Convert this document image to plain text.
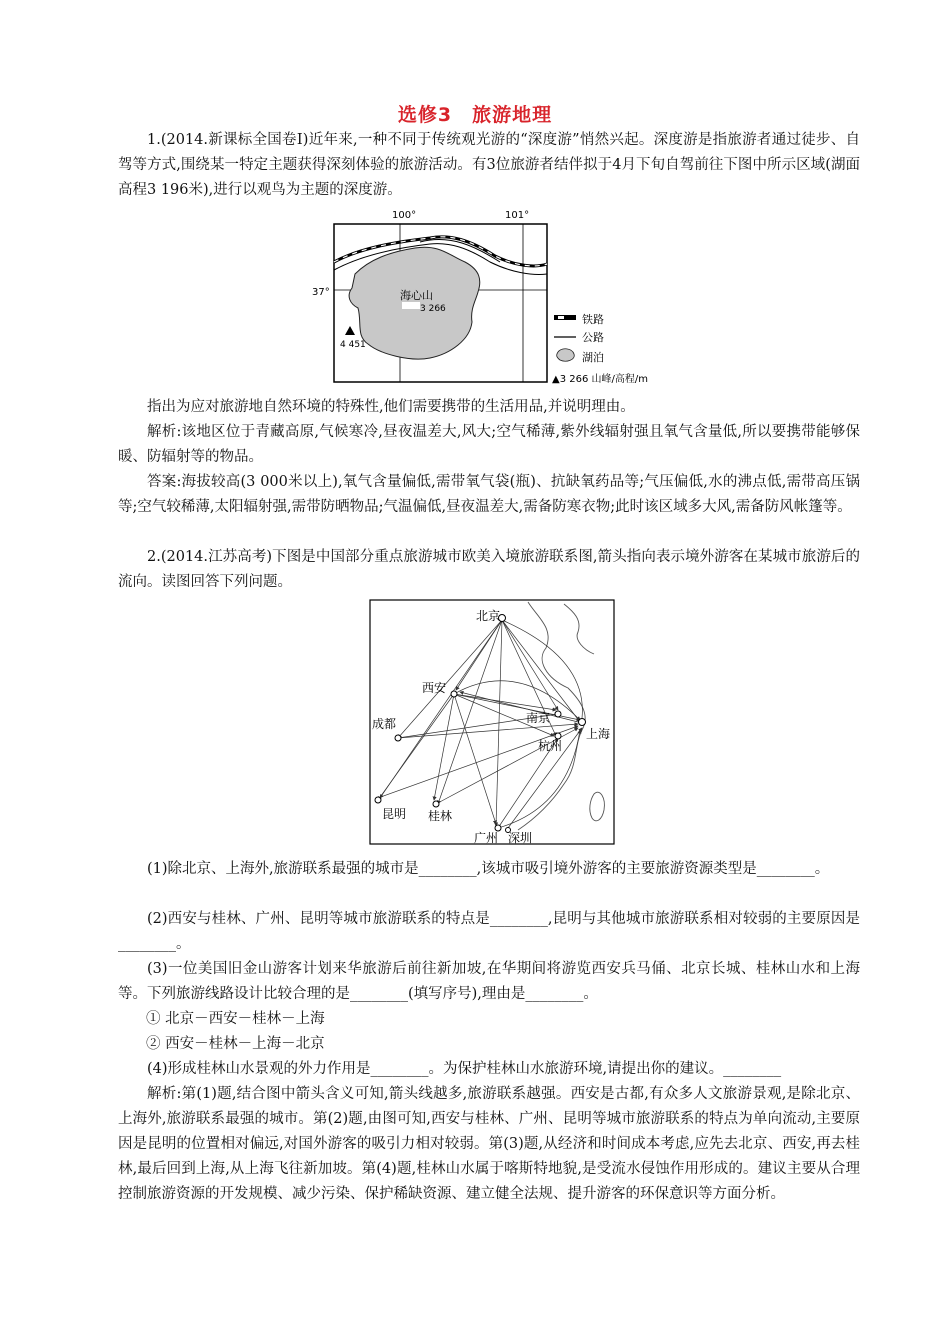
选修3　旅游地理

1.(2014.新课标全国卷Ⅰ)近年来,一种不同于传统观光游的“深度游”悄然兴起。深度游是指旅游者通过徒步、自驾等方式,围绕某一特定主题获得深刻体验的旅游活动。有3位旅游者结伴拟于4月下旬自驾前往下图中所示区域(湖面高程3 196米),进行以观鸟为主题的深度游。

100°	101°
37°	海心山
3 266
4 451
铁路
公路
湖泊
▲3 266 山峰/高程/m

指出为应对旅游地自然环境的特殊性,他们需要携带的生活用品,并说明理由。

解析:该地区位于青藏高原,气候寒冷,昼夜温差大,风大;空气稀薄,紫外线辐射强且氧气含量低,所以要携带能够保暖、防辐射等的物品。

答案:海拔较高(3 000米以上),氧气含量偏低,需带氧气袋(瓶)、抗缺氧药品等;气压偏低,水的沸点低,需带高压锅等;空气较稀薄,太阳辐射强,需带防晒物品;气温偏低,昼夜温差大,需备防寒衣物;此时该区域多大风,需备防风帐篷等。

2.(2014.江苏高考)下图是中国部分重点旅游城市欧美入境旅游联系图,箭头指向表示境外游客在某城市旅游后的流向。读图回答下列问题。

北京
西安
成都	南京
上海
杭州
昆明 桂林
广州 深圳

(1)除北京、上海外,旅游联系最强的城市是________,该城市吸引境外游客的主要旅游资源类型是________。

(2)西安与桂林、广州、昆明等城市旅游联系的特点是________,昆明与其他城市旅游联系相对较弱的主要原因是________。

(3)一位美国旧金山游客计划来华旅游后前往新加坡,在华期间将游览西安兵马俑、北京长城、桂林山水和上海等。下列旅游线路设计比较合理的是________(填写序号),理由是________。

① 北京－西安－桂林－上海

② 西安－桂林－上海－北京

(4)形成桂林山水景观的外力作用是________。为保护桂林山水旅游环境,请提出你的建议。________

解析:第(1)题,结合图中箭头含义可知,箭头线越多,旅游联系越强。西安是古都,有众多人文旅游景观,是除北京、上海外,旅游联系最强的城市。第(2)题,由图可知,西安与桂林、广州、昆明等城市旅游联系的特点为单向流动,主要原因是昆明的位置相对偏远,对国外游客的吸引力相对较弱。第(3)题,从经济和时间成本考虑,应先去北京、西安,再去桂林,最后回到上海,从上海飞往新加坡。第(4)题,桂林山水属于喀斯特地貌,是受流水侵蚀作用形成的。建议主要从合理控制旅游资源的开发规模、减少污染、保护稀缺资源、建立健全法规、提升游客的环保意识等方面分析。
